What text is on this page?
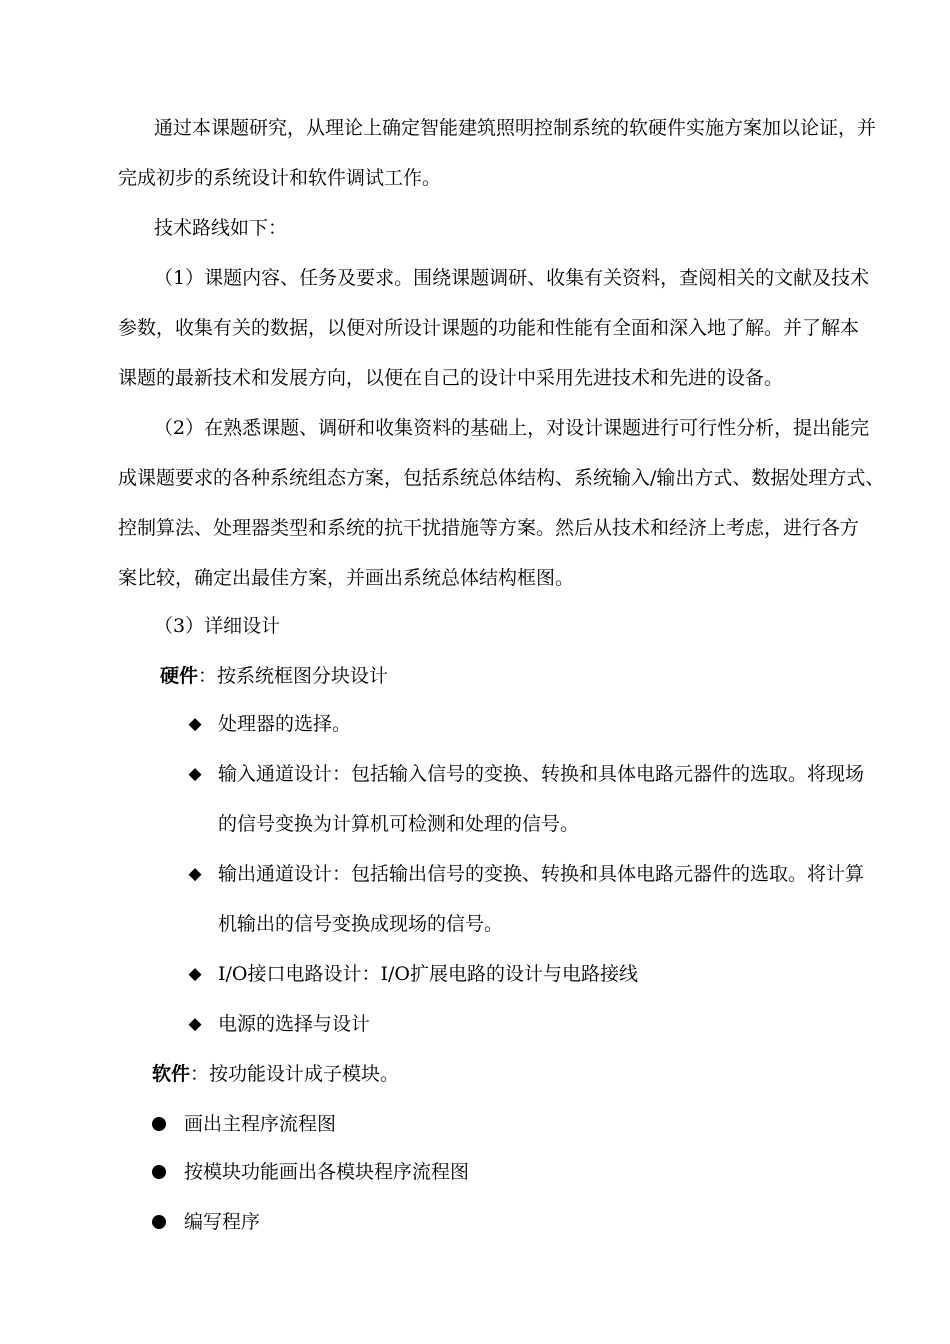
通过本课题研究，从理论上确定智能建筑照明控制系统的软硬件实施方案加以论证，并
完成初步的系统设计和软件调试工作。
技术路线如下：
（1）课题内容、任务及要求。围绕课题调研、收集有关资料，查阅相关的文献及技术
参数，收集有关的数据，以便对所设计课题的功能和性能有全面和深入地了解。并了解本
课题的最新技术和发展方向，以便在自己的设计中采用先进技术和先进的设备。
（2）在熟悉课题、调研和收集资料的基础上，对设计课题进行可行性分析，提出能完
成课题要求的各种系统组态方案，包括系统总体结构、系统输入/输出方式、数据处理方式、
控制算法、处理器类型和系统的抗干扰措施等方案。然后从技术和经济上考虑，进行各方
案比较，确定出最佳方案，并画出系统总体结构框图。
（3）详细设计
硬件：按系统框图分块设计
◆ 处理器的选择。
◆ 输入通道设计：包括输入信号的变换、转换和具体电路元器件的选取。将现场
的信号变换为计算机可检测和处理的信号。
◆ 输出通道设计：包括输出信号的变换、转换和具体电路元器件的选取。将计算
机输出的信号变换成现场的信号。
◆ I/O接口电路设计：I/O扩展电路的设计与电路接线
◆ 电源的选择与设计
软件：按功能设计成子模块。
画出主程序流程图
按模块功能画出各模块程序流程图
编写程序
